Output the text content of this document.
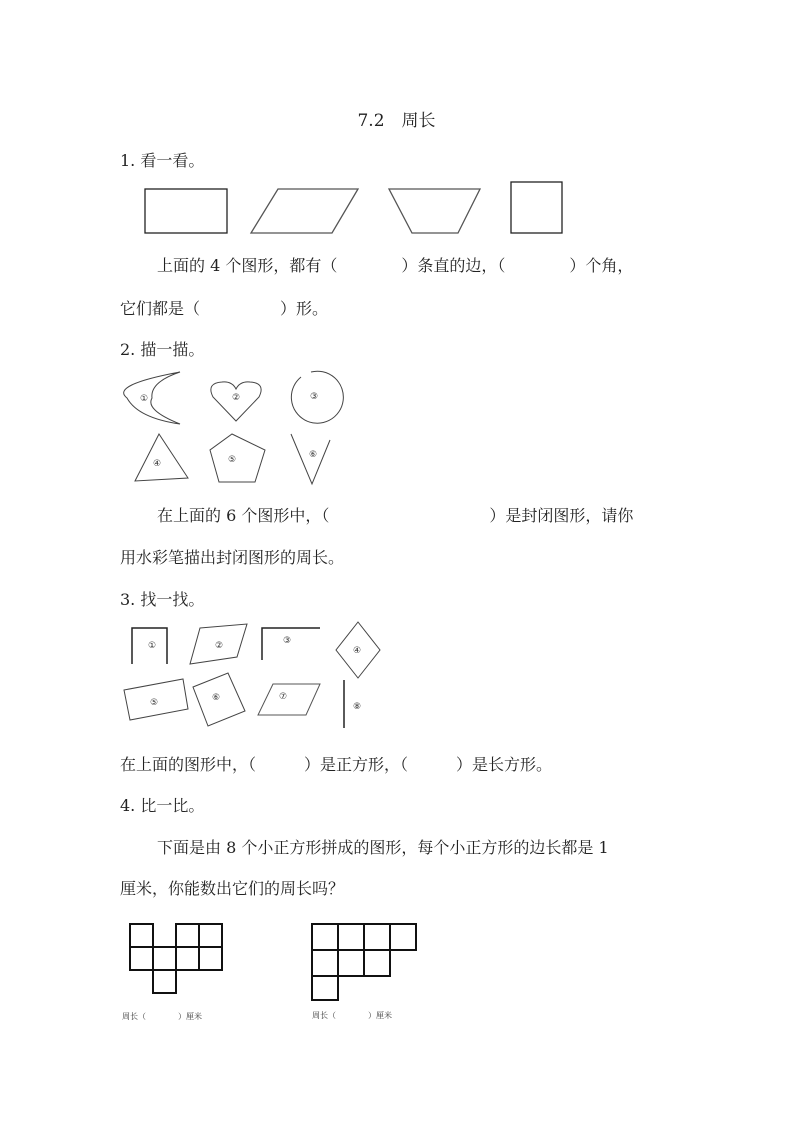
7.2　周长
1. 看一看。
①	②	③
④	⑤	⑥
①	②	③
④
⑤	⑥	⑦
⑧
上面的 4 个图形，都有（　　　　）条直的边，（　　　　）个角，
它们都是（　　　　　）形。
2. 描一描。
在上面的 6 个图形中，（　　　　　　　　　　）是封闭图形，请你
用水彩笔描出封闭图形的周长。
3. 找一找。
在上面的图形中，（　　　）是正方形，（　　　）是长方形。
4. 比一比。
下面是由 8 个小正方形拼成的图形，每个小正方形的边长都是 1
厘米，你能数出它们的周长吗？
周长（　　　　）厘米	周长（　　　　）厘米
